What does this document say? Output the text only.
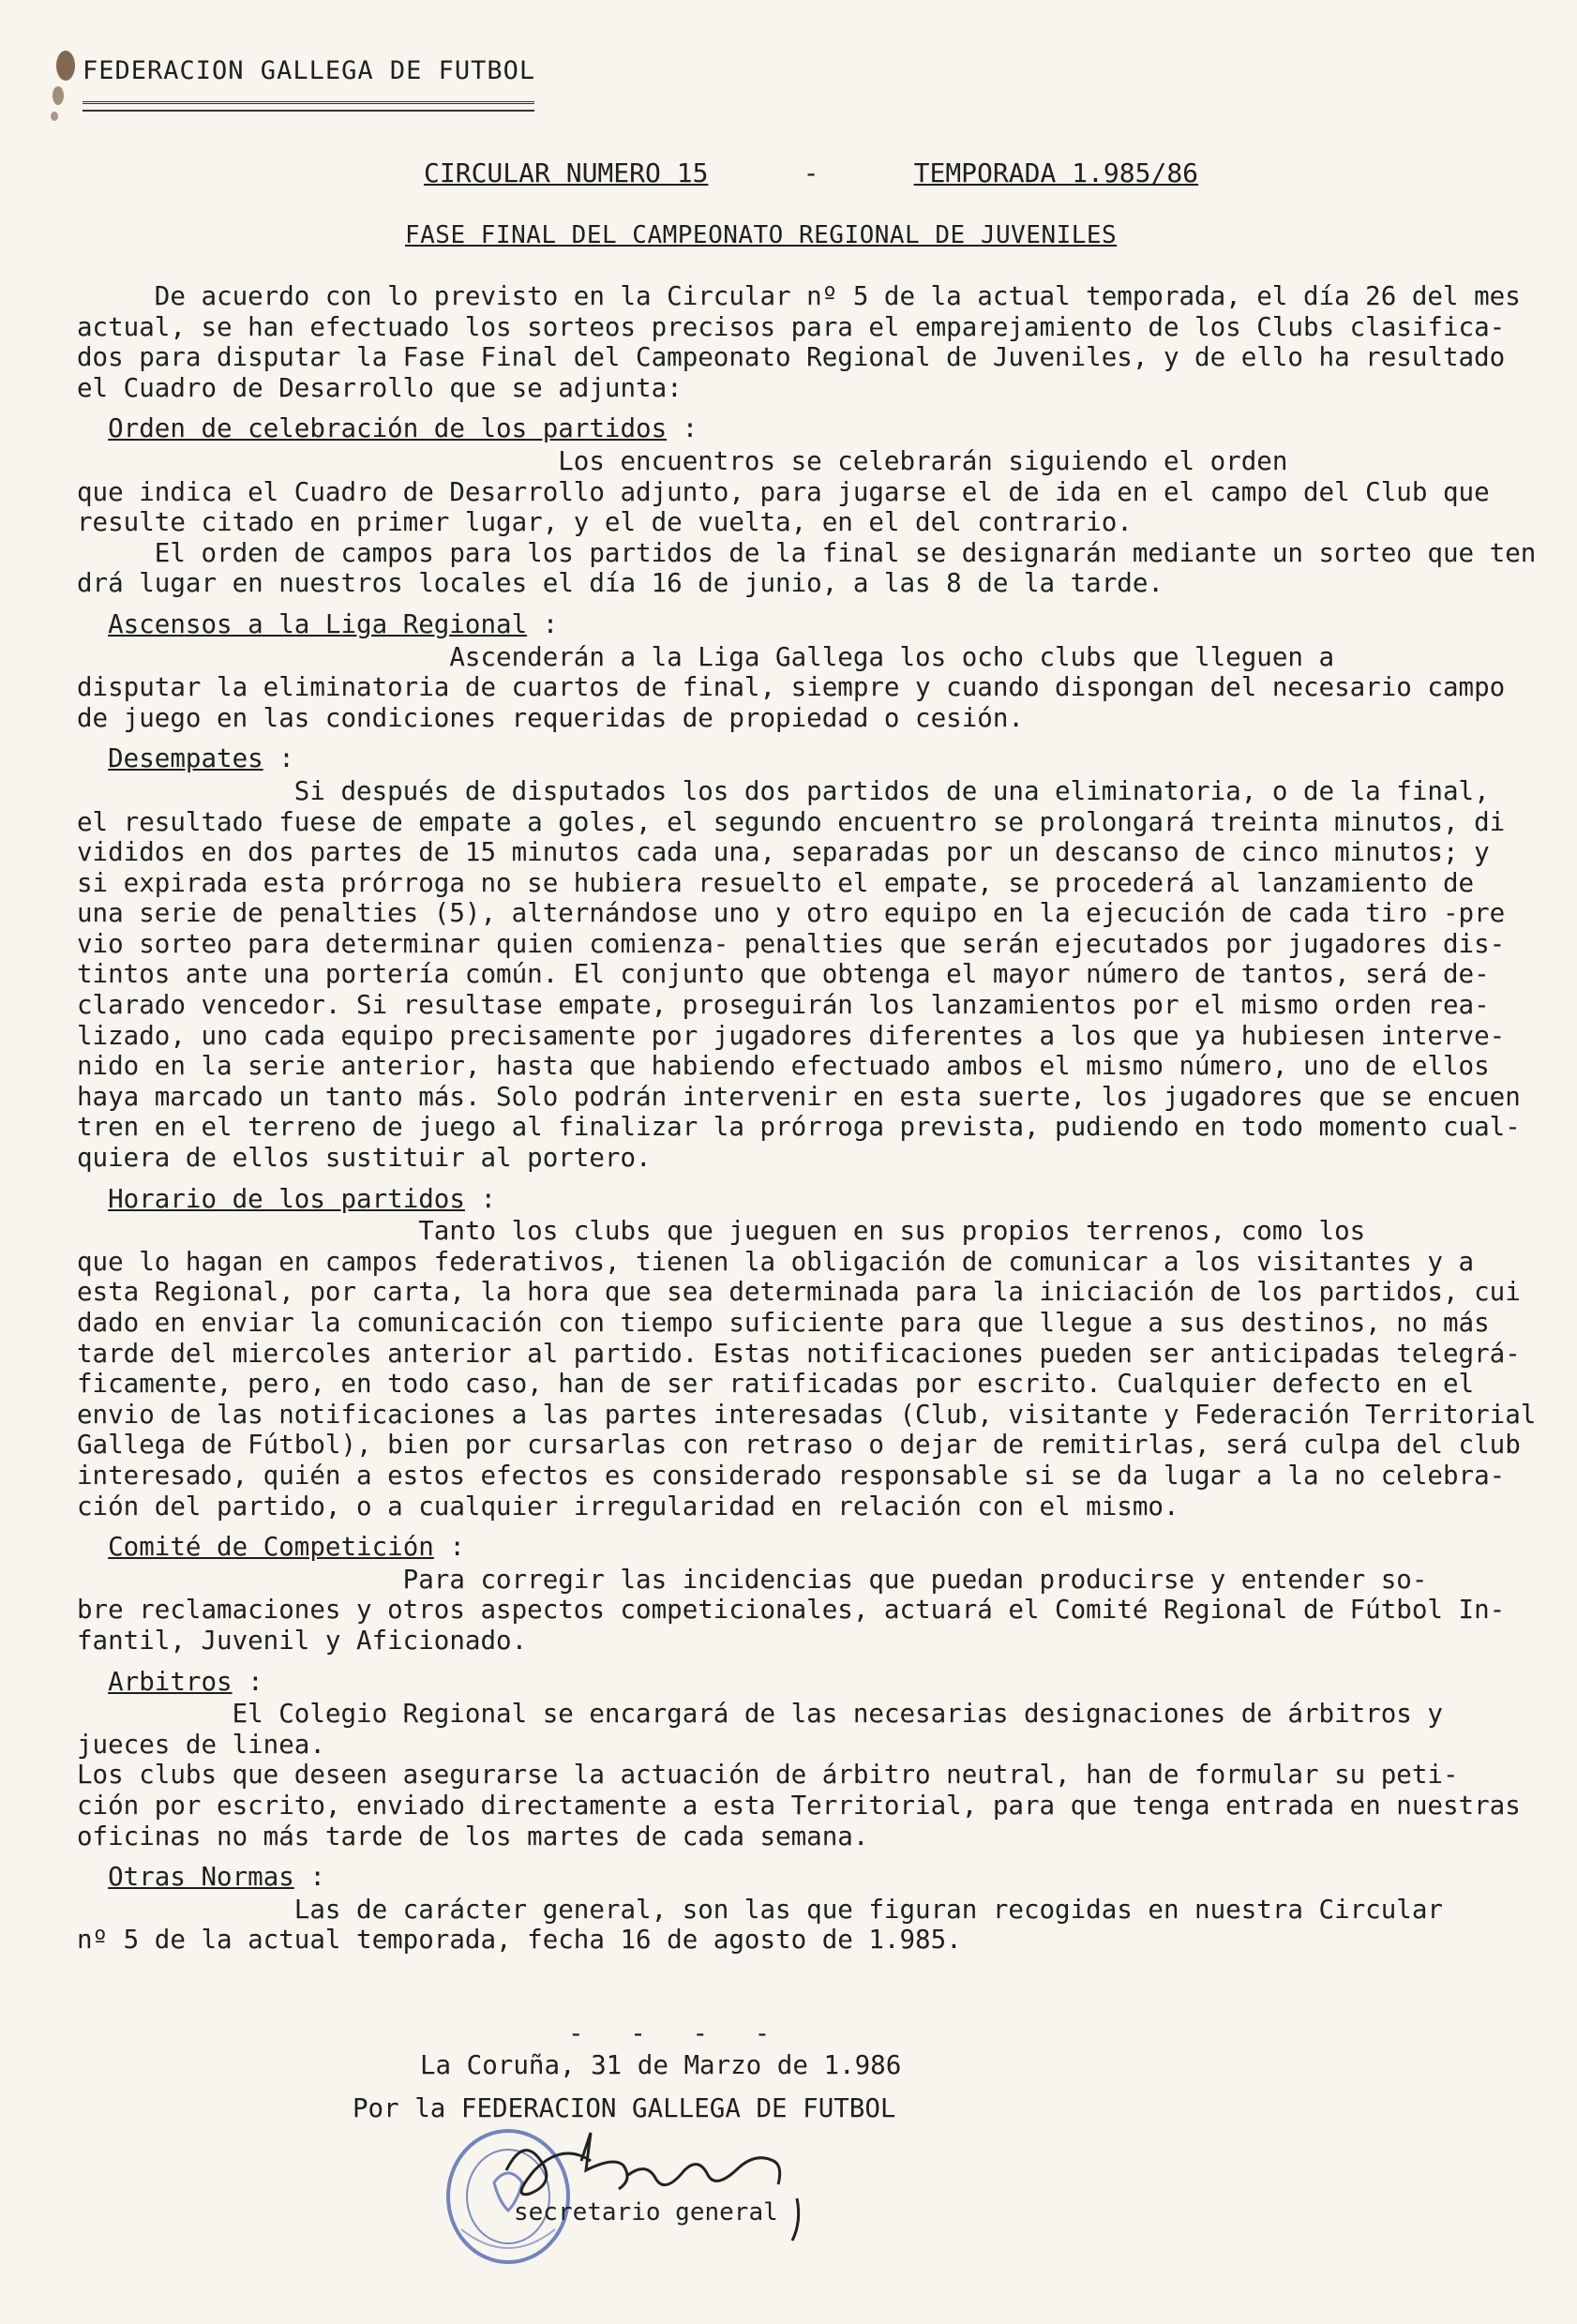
FEDERACION GALLEGA DE FUTBOL
CIRCULAR NUMERO 15	-	TEMPORADA 1.985/86
FASE FINAL DEL CAMPEONATO REGIONAL DE JUVENILES
De acuerdo con lo previsto en la Circular nº 5 de la actual temporada, el día 26 del mes
actual, se han efectuado los sorteos precisos para el emparejamiento de los Clubs clasifica-
dos para disputar la Fase Final del Campeonato Regional de Juveniles, y de ello ha resultado
el Cuadro de Desarrollo que se adjunta:
Orden de celebración de los partidos :
Los encuentros se celebrarán siguiendo el orden
que indica el Cuadro de Desarrollo adjunto, para jugarse el de ida en el campo del Club que
resulte citado en primer lugar, y el de vuelta, en el del contrario.
El orden de campos para los partidos de la final se designarán mediante un sorteo que ten
drá lugar en nuestros locales el día 16 de junio, a las 8 de la tarde.
Ascensos a la Liga Regional :
Ascenderán a la Liga Gallega los ocho clubs que lleguen a
disputar la eliminatoria de cuartos de final, siempre y cuando dispongan del necesario campo
de juego en las condiciones requeridas de propiedad o cesión.
Desempates :
Si después de disputados los dos partidos de una eliminatoria, o de la final,
el resultado fuese de empate a goles, el segundo encuentro se prolongará treinta minutos, di
vididos en dos partes de 15 minutos cada una, separadas por un descanso de cinco minutos; y
si expirada esta prórroga no se hubiera resuelto el empate, se procederá al lanzamiento de
una serie de penalties (5), alternándose uno y otro equipo en la ejecución de cada tiro -pre
vio sorteo para determinar quien comienza- penalties que serán ejecutados por jugadores dis-
tintos ante una portería común. El conjunto que obtenga el mayor número de tantos, será de-
clarado vencedor. Si resultase empate, proseguirán los lanzamientos por el mismo orden rea-
lizado, uno cada equipo precisamente por jugadores diferentes a los que ya hubiesen interve-
nido en la serie anterior, hasta que habiendo efectuado ambos el mismo número, uno de ellos
haya marcado un tanto más. Solo podrán intervenir en esta suerte, los jugadores que se encuen
tren en el terreno de juego al finalizar la prórroga prevista, pudiendo en todo momento cual-
quiera de ellos sustituir al portero.
Horario de los partidos :
Tanto los clubs que jueguen en sus propios terrenos, como los
que lo hagan en campos federativos, tienen la obligación de comunicar a los visitantes y a
esta Regional, por carta, la hora que sea determinada para la iniciación de los partidos, cui
dado en enviar la comunicación con tiempo suficiente para que llegue a sus destinos, no más
tarde del miercoles anterior al partido. Estas notificaciones pueden ser anticipadas telegrá-
ficamente, pero, en todo caso, han de ser ratificadas por escrito. Cualquier defecto en el
envio de las notificaciones a las partes interesadas (Club, visitante y Federación Territorial
Gallega de Fútbol), bien por cursarlas con retraso o dejar de remitirlas, será culpa del club
interesado, quién a estos efectos es considerado responsable si se da lugar a la no celebra-
ción del partido, o a cualquier irregularidad en relación con el mismo.
Comité de Competición :
Para corregir las incidencias que puedan producirse y entender so-
bre reclamaciones y otros aspectos competicionales, actuará el Comité Regional de Fútbol In-
fantil, Juvenil y Aficionado.
Arbitros :
El Colegio Regional se encargará de las necesarias designaciones de árbitros y
jueces de linea.
Los clubs que deseen asegurarse la actuación de árbitro neutral, han de formular su peti-
ción por escrito, enviado directamente a esta Territorial, para que tenga entrada en nuestras
oficinas no más tarde de los martes de cada semana.
Otras Normas :
Las de carácter general, son las que figuran recogidas en nuestra Circular
nº 5 de la actual temporada, fecha 16 de agosto de 1.985.
-   -   -   -
La Coruña, 31 de Marzo de 1.986
Por la FEDERACION GALLEGA DE FUTBOL
secretario general
